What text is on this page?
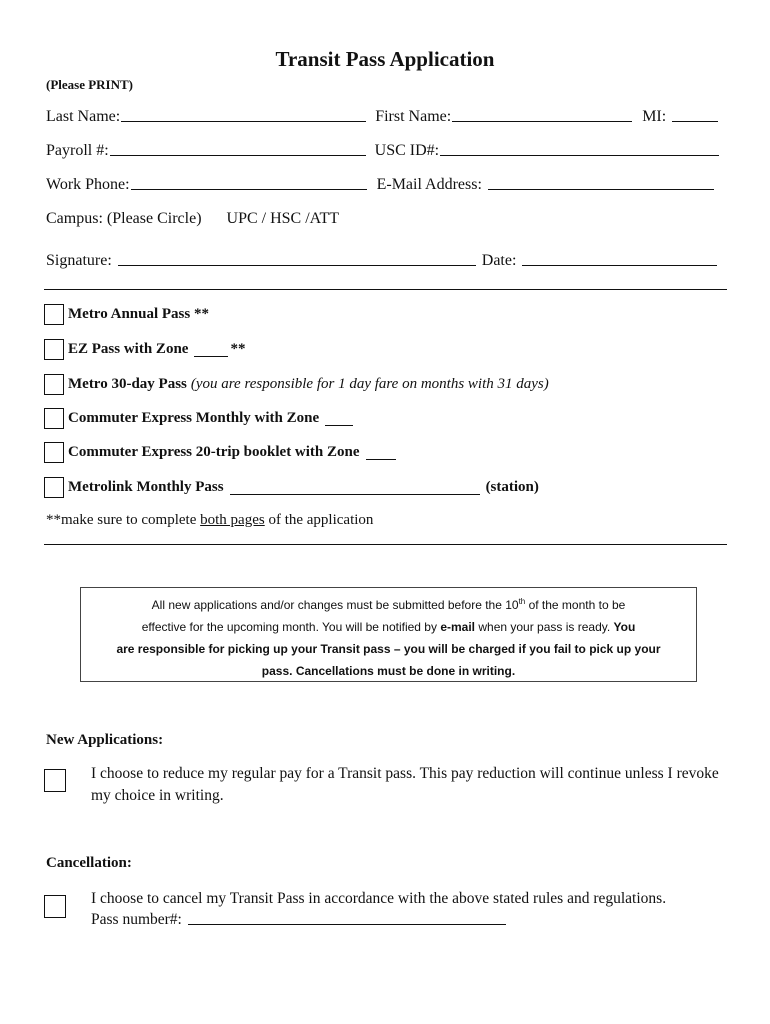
Transit Pass Application
(Please PRINT)
Last Name:	First Name:	MI:
Payroll #:	USC ID#:
Work Phone:	E-Mail Address:
Campus: (Please Circle) UPC / HSC /ATT
Signature:	Date:
Metro Annual Pass **
EZ Pass with Zone	**
Metro 30-day Pass (you are responsible for 1 day fare on months with 31 days)
Commuter Express Monthly with Zone
Commuter Express 20-trip booklet with Zone
Metrolink Monthly Pass	(station)
**make sure to complete both pages of the application
All new applications and/or changes must be submitted before the 10th of the month to be
effective for the upcoming month. You will be notified by e-mail when your pass is ready. You
are responsible for picking up your Transit pass – you will be charged if you fail to pick up your
pass. Cancellations must be done in writing.
New Applications:
I choose to reduce my regular pay for a Transit pass. This pay reduction will continue unless I revoke my choice in writing.
Cancellation:
I choose to cancel my Transit Pass in accordance with the above stated rules and regulations.
Pass number#:
